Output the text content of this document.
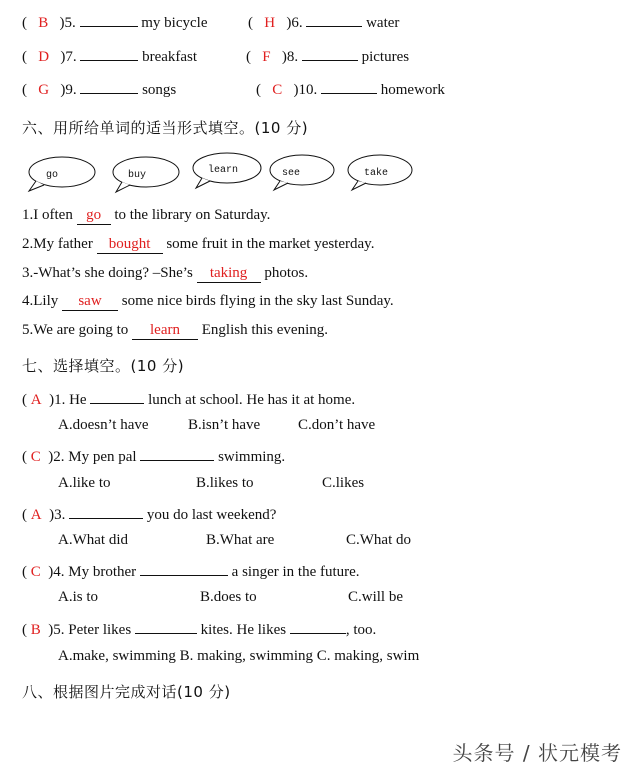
(   B )5.	my bicycle	(   H )6.	water
(   D )7.	breakfast	(   F )8.	pictures
(   G )9.	songs	(   C )10.	homework
六、用所给单词的适当形式填空。(10 分)
go	buy	learn	see	take
1.I often go to the library on Saturday.
2.My father bought some fruit in the market yesterday.
3.-What’s she doing? –She’s taking photos.
4.Lily saw some nice birds flying in the sky last Sunday.
5.We are going to learn English this evening.
七、选择填空。(10 分)
( A )1. He	lunch at school. He has it at home.
A.doesn’t have	B.isn’t have	C.don’t have
( C )2. My pen pal	swimming.
A.like to	B.likes to	C.likes
( A )3.	you do last weekend?
A.What did	B.What are	C.What do
( C )4. My brother	a singer in the future.
A.is to	B.does to	C.will be
( B )5. Peter likes	kites. He likes	, too.
A.make, swimming B. making, swimming C. making, swim
八、根据图片完成对话(10 分)
头条号 / 状元模考
